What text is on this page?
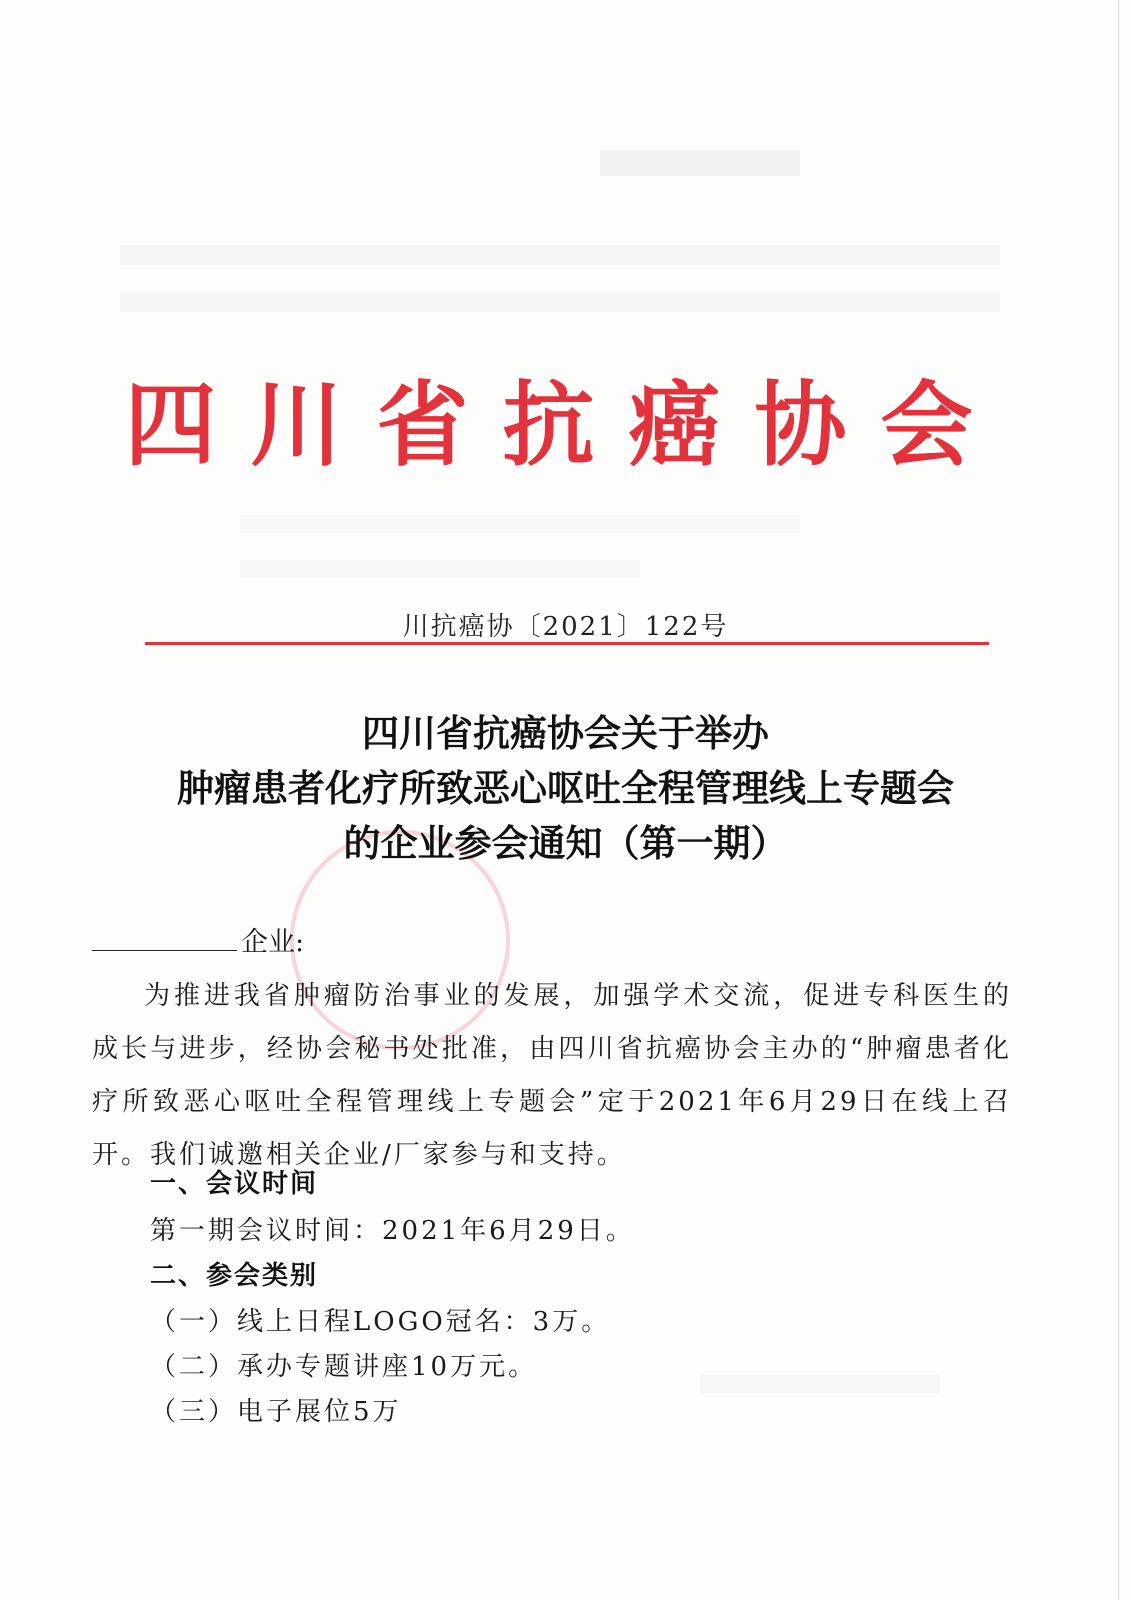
四川省抗癌协会
川抗癌协〔2021〕122号
四川省抗癌协会关于举办
肿瘤患者化疗所致恶心呕吐全程管理线上专题会
的企业参会通知（第一期）
企业:

为推进我省肿瘤防治事业的发展，加强学术交流，促进专科医生的成长与进步，经协会秘书处批准，由四川省抗癌协会主办的“肿瘤患者化疗所致恶心呕吐全程管理线上专题会”定于2021年6月29日在线上召开。我们诚邀相关企业/厂家参与和支持。

一、会议时间
第一期会议时间：2021年6月29日。
二、参会类别
（一）线上日程LOGO冠名：3万。
（二）承办专题讲座10万元。
（三）电子展位5万
